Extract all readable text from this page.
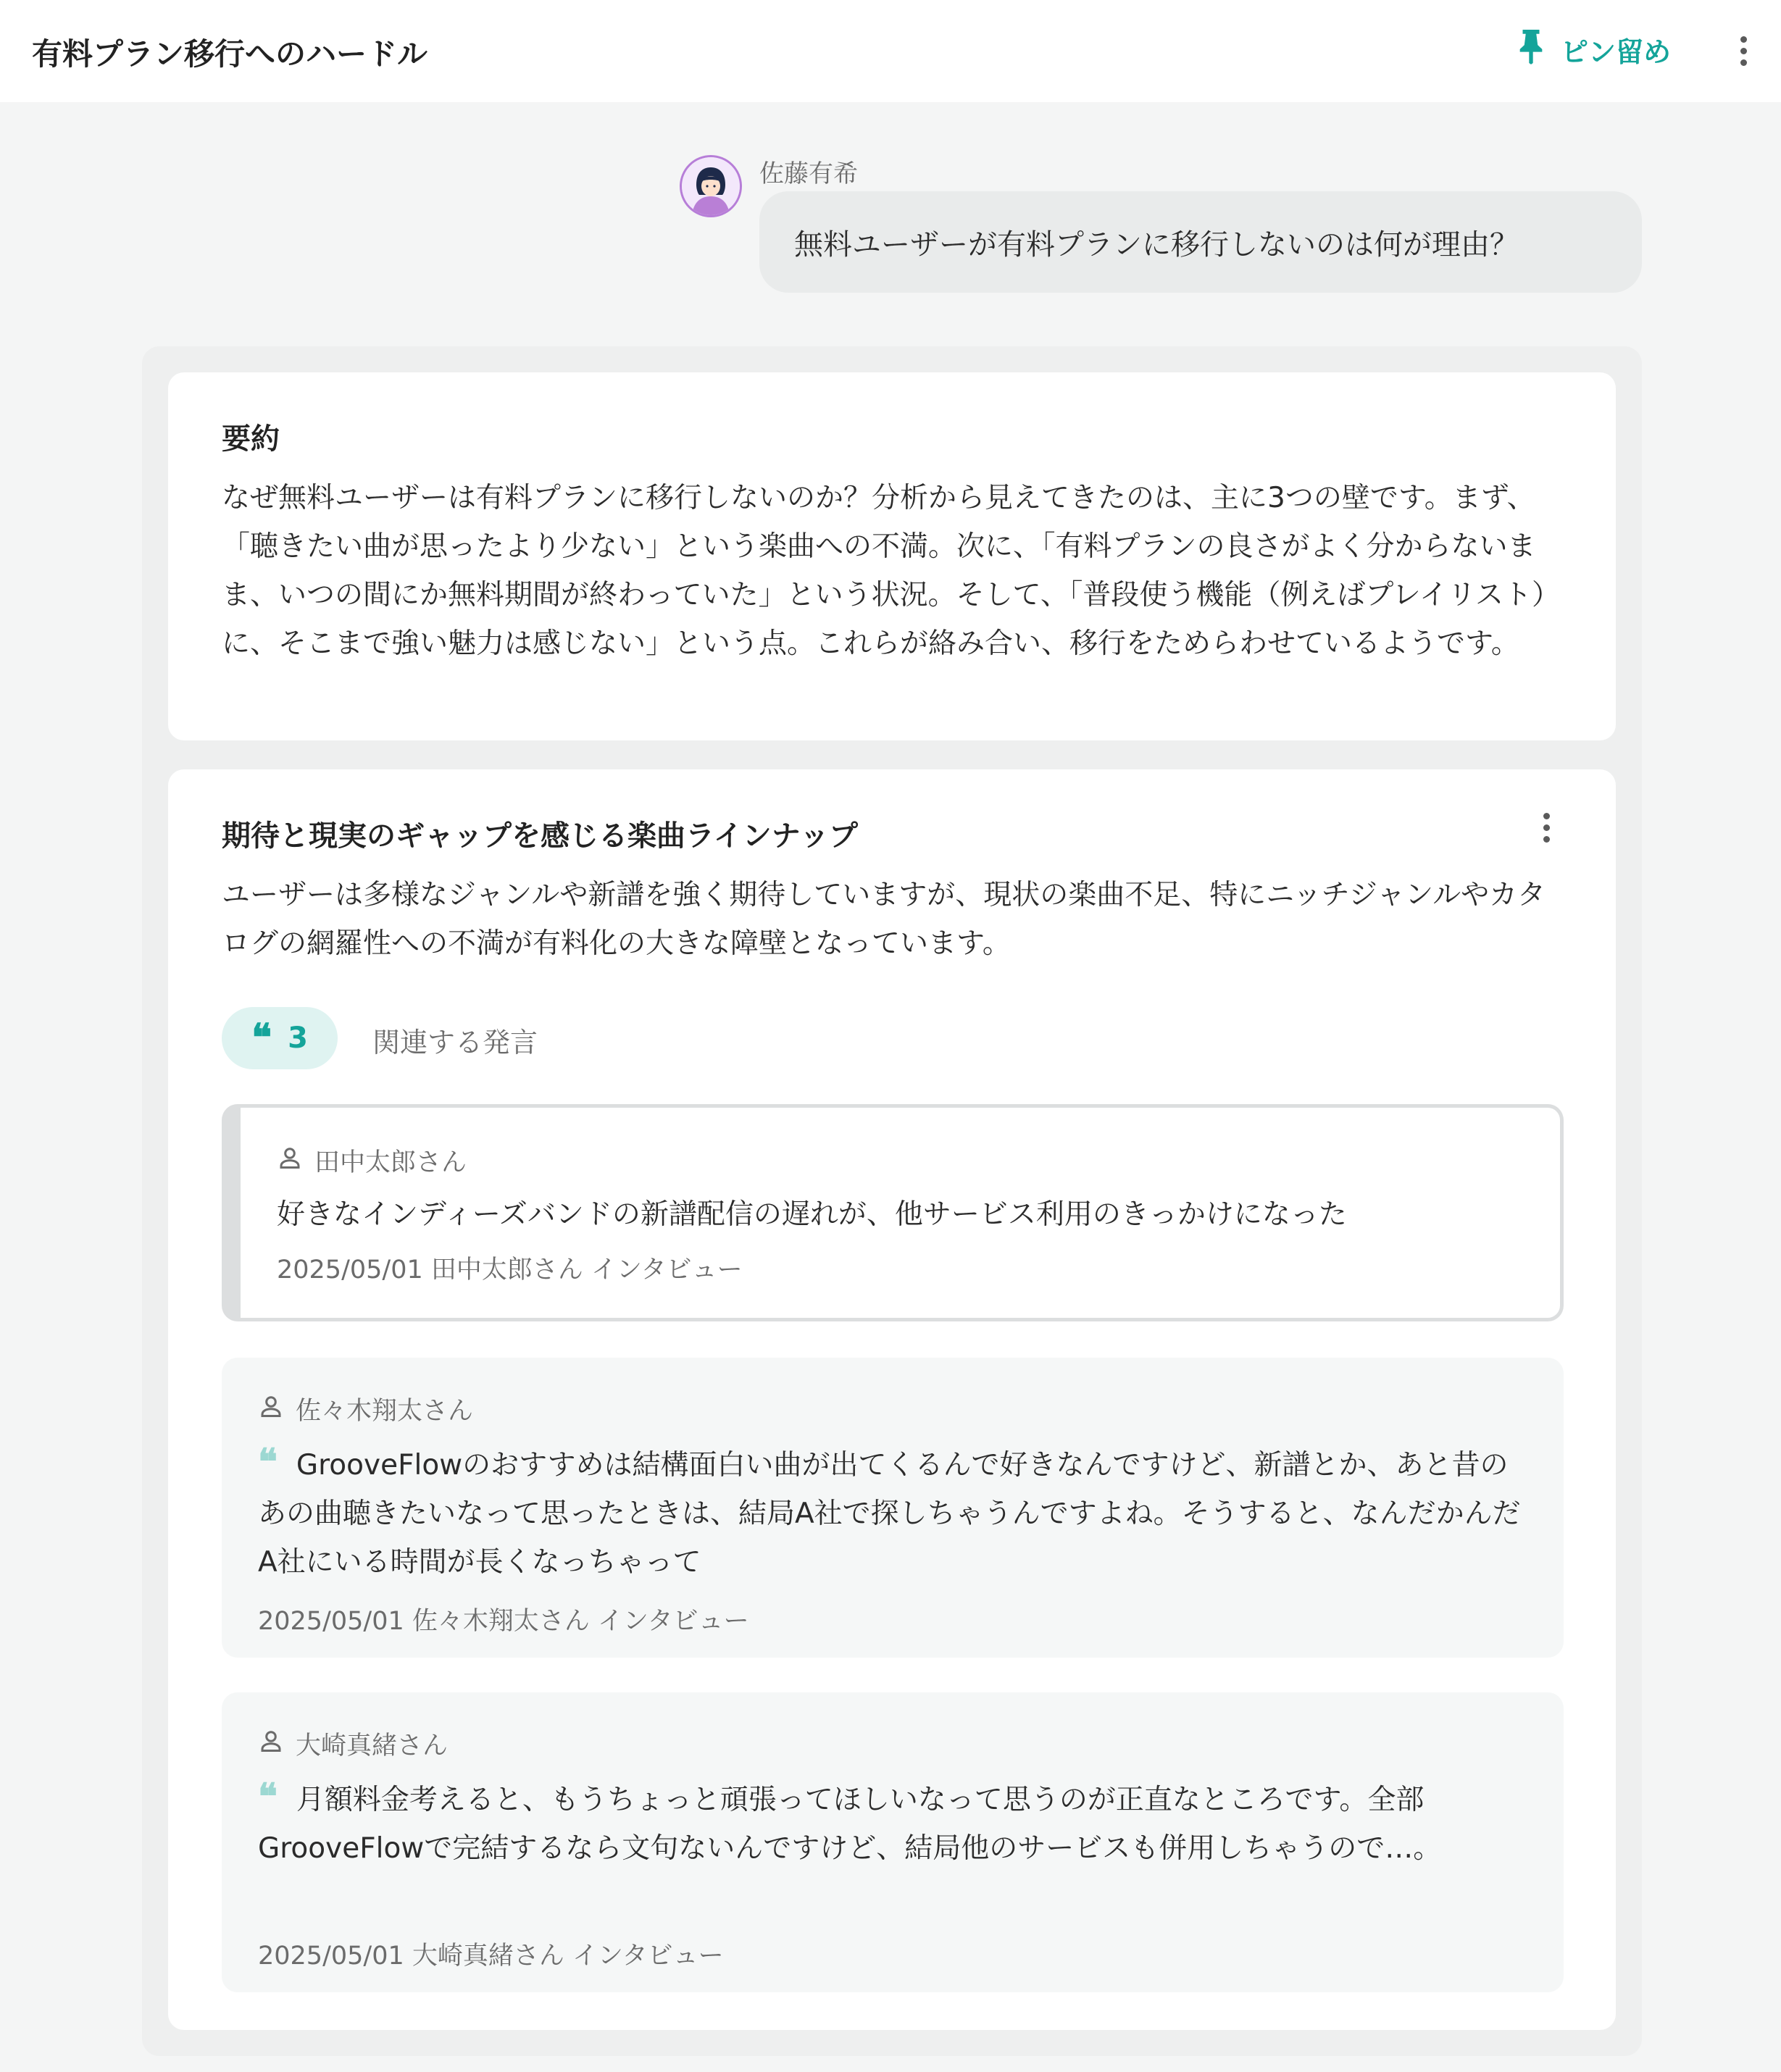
有料プラン移行へのハードル	ピン留め
佐藤有希
無料ユーザーが有料プランに移行しないのは何が理由？
要約
なぜ無料ユーザーは有料プランに移行しないのか？分析から見えてきたのは、主に3つの壁です。まず、「聴きたい曲が思ったより少ない」という楽曲への不満。次に、「有料プランの良さがよく分からないまま、いつの間にか無料期間が終わっていた」という状況。そして、「普段使う機能（例えばプレイリスト）に、そこまで強い魅力は感じない」という点。これらが絡み合い、移行をためらわせているようです。
期待と現実のギャップを感じる楽曲ラインナップ
ユーザーは多様なジャンルや新譜を強く期待していますが、現状の楽曲不足、特にニッチジャンルやカタログの網羅性への不満が有料化の大きな障壁となっています。
❝ 3 関連する発言
田中太郎さん
好きなインディーズバンドの新譜配信の遅れが、他サービス利用のきっかけになった
2025/05/01 田中太郎さん インタビュー
佐々木翔太さん
❝ GrooveFlowのおすすめは結構面白い曲が出てくるんで好きなんですけど、新譜とか、あと昔のあの曲聴きたいなって思ったときは、結局A社で探しちゃうんですよね。そうすると、なんだかんだA社にいる時間が長くなっちゃって
2025/05/01 佐々木翔太さん インタビュー
大崎真緒さん
❝ 月額料金考えると、もうちょっと頑張ってほしいなって思うのが正直なところです。全部GrooveFlowで完結するなら文句ないんですけど、結局他のサービスも併用しちゃうので…。
2025/05/01 大崎真緒さん インタビュー
